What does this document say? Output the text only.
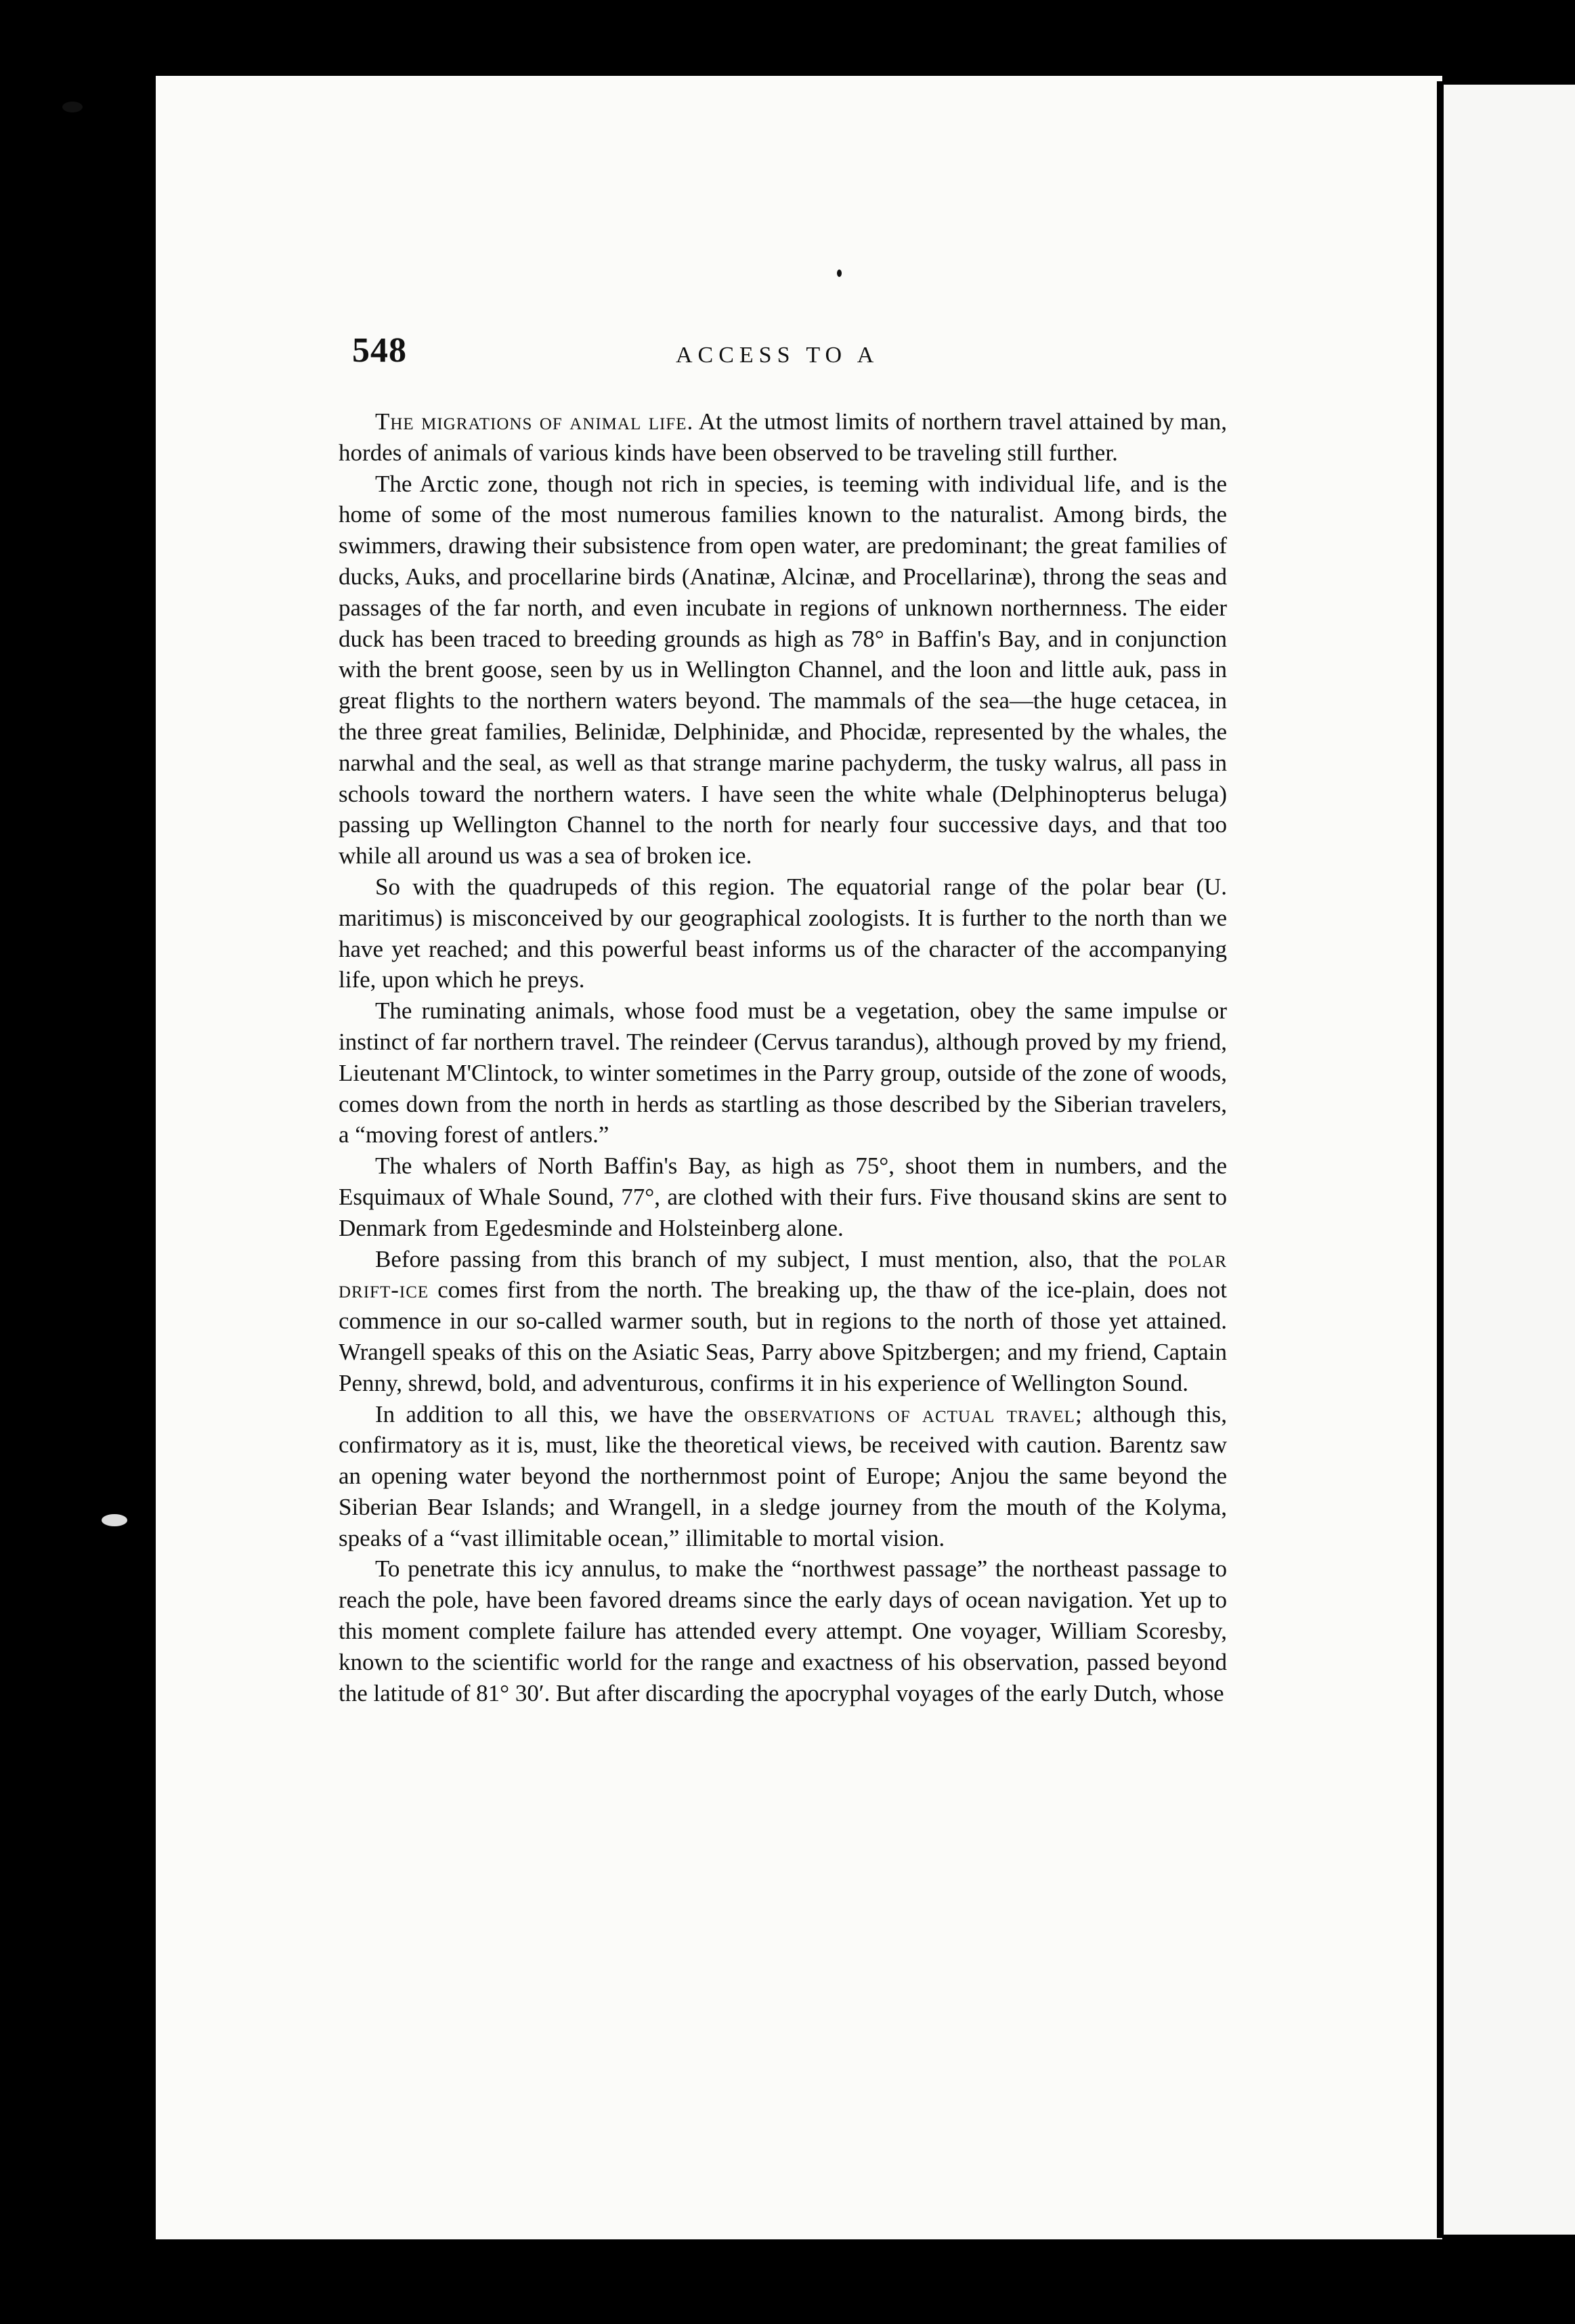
548	ACCESS TO A

The migrations of animal life. At the utmost limits of northern travel attained by man, hordes of animals of various kinds have been observed to be traveling still further.

The Arctic zone, though not rich in species, is teeming with individual life, and is the home of some of the most numerous families known to the naturalist. Among birds, the swimmers, drawing their subsistence from open water, are predominant; the great families of ducks, Auks, and procellarine birds (Anatinæ, Alcinæ, and Procellarinæ), throng the seas and passages of the far north, and even incubate in regions of unknown northernness. The eider duck has been traced to breeding grounds as high as 78° in Baffin's Bay, and in conjunction with the brent goose, seen by us in Wellington Channel, and the loon and little auk, pass in great flights to the northern waters beyond. The mammals of the sea—the huge cetacea, in the three great families, Belinidæ, Delphinidæ, and Phocidæ, represented by the whales, the narwhal and the seal, as well as that strange marine pachyderm, the tusky walrus, all pass in schools toward the northern waters. I have seen the white whale (Delphinopterus beluga) passing up Wellington Channel to the north for nearly four successive days, and that too while all around us was a sea of broken ice.

So with the quadrupeds of this region. The equatorial range of the polar bear (U. maritimus) is misconceived by our geographical zoologists. It is further to the north than we have yet reached; and this powerful beast informs us of the character of the accompanying life, upon which he preys.

The ruminating animals, whose food must be a vegetation, obey the same impulse or instinct of far northern travel. The reindeer (Cervus tarandus), although proved by my friend, Lieutenant M'Clintock, to winter sometimes in the Parry group, outside of the zone of woods, comes down from the north in herds as startling as those described by the Siberian travelers, a “moving forest of antlers.”

The whalers of North Baffin's Bay, as high as 75°, shoot them in numbers, and the Esquimaux of Whale Sound, 77°, are clothed with their furs. Five thousand skins are sent to Denmark from Egedesminde and Holsteinberg alone.

Before passing from this branch of my subject, I must mention, also, that the polar drift-ice comes first from the north. The breaking up, the thaw of the ice-plain, does not commence in our so-called warmer south, but in regions to the north of those yet attained. Wrangell speaks of this on the Asiatic Seas, Parry above Spitzbergen; and my friend, Captain Penny, shrewd, bold, and adventurous, confirms it in his experience of Wellington Sound.

In addition to all this, we have the observations of actual travel; although this, confirmatory as it is, must, like the theoretical views, be received with caution. Barentz saw an opening water beyond the northernmost point of Europe; Anjou the same beyond the Siberian Bear Islands; and Wrangell, in a sledge journey from the mouth of the Kolyma, speaks of a “vast illimitable ocean,” illimitable to mortal vision.

To penetrate this icy annulus, to make the “northwest passage” the northeast passage to reach the pole, have been favored dreams since the early days of ocean navigation. Yet up to this moment complete failure has attended every attempt. One voyager, William Scoresby, known to the scientific world for the range and exactness of his observation, passed beyond the latitude of 81° 30′. But after discarding the apocryphal voyages of the early Dutch, whose
